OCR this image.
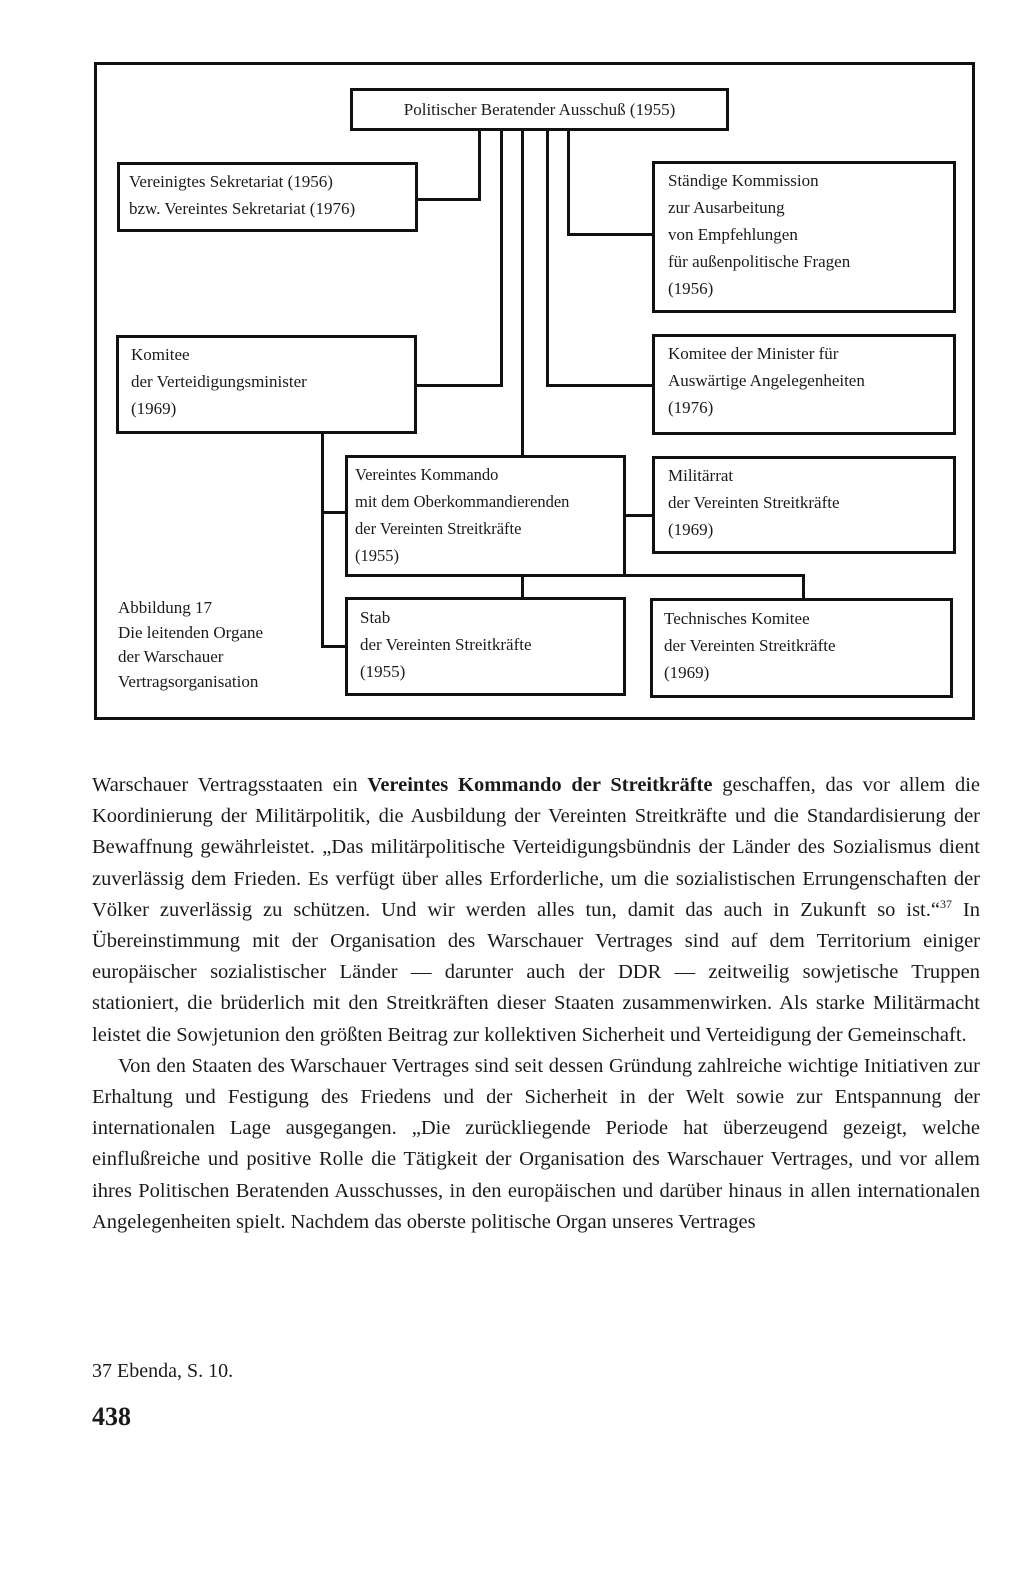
Politischer Beratender Ausschuß (1955)
Vereinigtes Sekretariat (1956)
bzw. Vereintes Sekretariat (1976)
Ständige Kommission
zur Ausarbeitung
von Empfehlungen
für außenpolitische Fragen
(1956)
Komitee
der Verteidigungsminister
(1969)
Komitee der Minister für
Auswärtige Angelegenheiten
(1976)
Vereintes Kommando
mit dem Oberkommandierenden
der Vereinten Streitkräfte
(1955)
Militärrat
der Vereinten Streitkräfte
(1969)
Stab
der Vereinten Streitkräfte
(1955)
Technisches Komitee
der Vereinten Streitkräfte
(1969)
Abbildung 17
Die leitenden Organe
der Warschauer
Vertragsorganisation

Warschauer Vertragsstaaten ein Vereintes Kommando der Streitkräfte geschaffen, das vor allem die Koordinierung der Militärpolitik, die Ausbildung der Vereinten Streitkräfte und die Standardisierung der Bewaffnung gewährleistet. „Das militärpolitische Verteidigungsbündnis der Länder des Sozialismus dient zuverlässig dem Frieden. Es verfügt über alles Erforderliche, um die sozialistischen Errungenschaften der Völker zuverlässig zu schützen. Und wir werden alles tun, damit das auch in Zukunft so ist.“$^{37}$ In Übereinstimmung mit der Organisation des Warschauer Vertrages sind auf dem Territorium einiger europäischer sozialistischer Länder — darunter auch der DDR — zeitweilig sowjetische Truppen stationiert, die brüderlich mit den Streitkräften dieser Staaten zusammenwirken. Als starke Militärmacht leistet die Sowjetunion den größten Beitrag zur kollektiven Sicherheit und Verteidigung der Gemeinschaft.

Von den Staaten des Warschauer Vertrages sind seit dessen Gründung zahlreiche wichtige Initiativen zur Erhaltung und Festigung des Friedens und der Sicherheit in der Welt sowie zur Entspannung der internationalen Lage ausgegangen. „Die zurückliegende Periode hat überzeugend gezeigt, welche einflußreiche und positive Rolle die Tätigkeit der Organisation des Warschauer Vertrages, und vor allem ihres Politischen Beratenden Ausschusses, in den europäischen und darüber hinaus in allen internationalen Angelegenheiten spielt. Nachdem das oberste politische Organ unseres Vertrages

37 Ebenda, S. 10.
438
